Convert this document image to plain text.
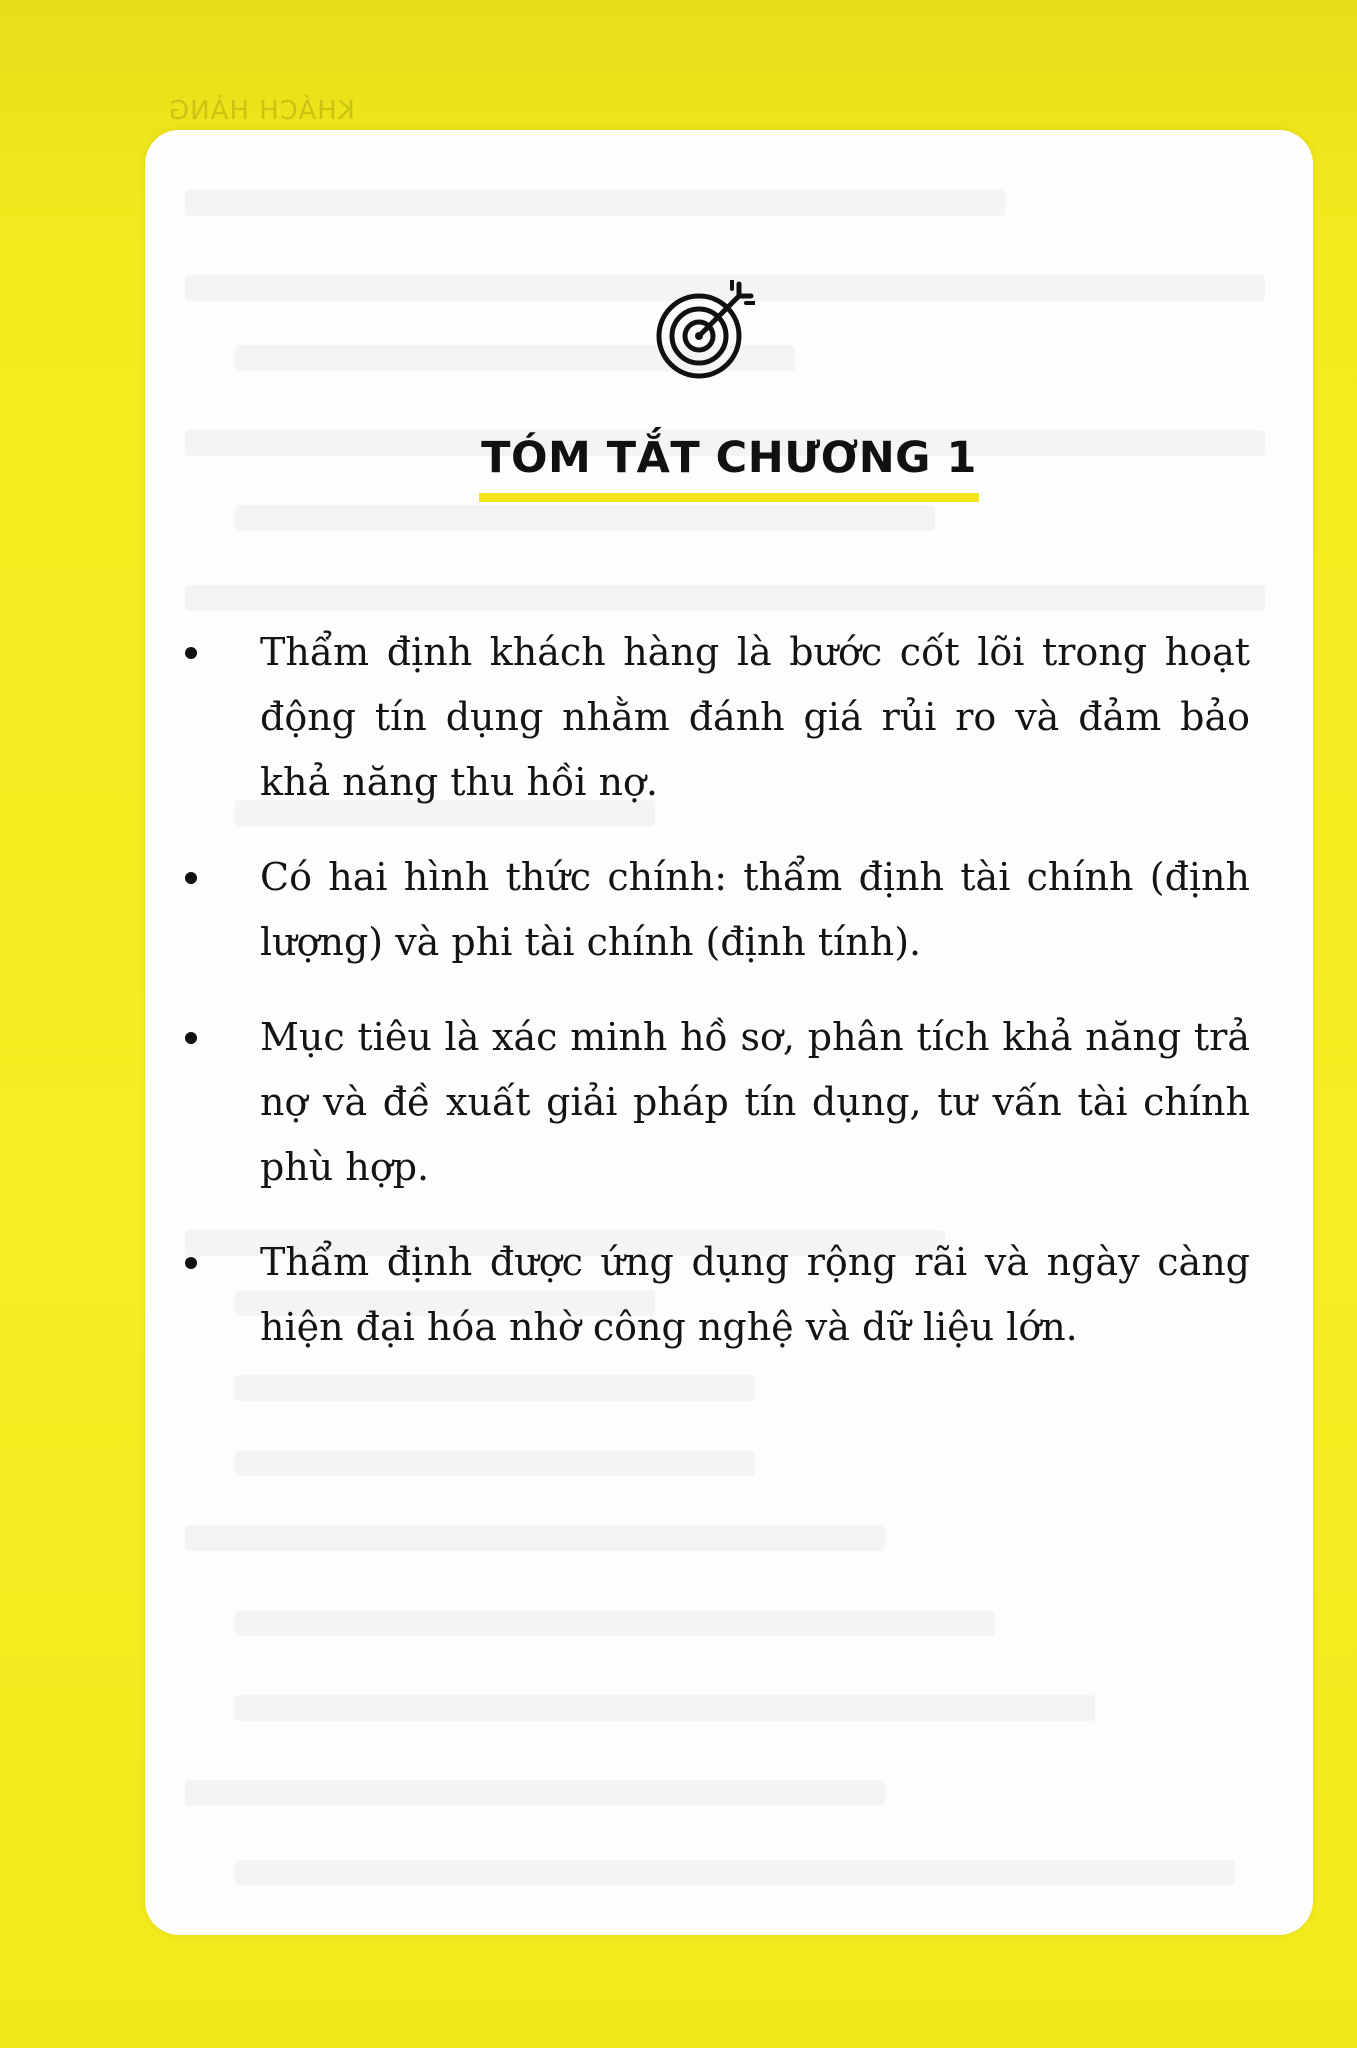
KHÁCH HÀNG
TÓM TẮT CHƯƠNG 1
Thẩm định khách hàng là bước cốt lõi trong hoạt động tín dụng nhằm đánh giá rủi ro và đảm bảo khả năng thu hồi nợ.
Có hai hình thức chính: thẩm định tài chính (định lượng) và phi tài chính (định tính).
Mục tiêu là xác minh hồ sơ, phân tích khả năng trả nợ và đề xuất giải pháp tín dụng, tư vấn tài chính phù hợp.
Thẩm định được ứng dụng rộng rãi và ngày càng hiện đại hóa nhờ công nghệ và dữ liệu lớn.
